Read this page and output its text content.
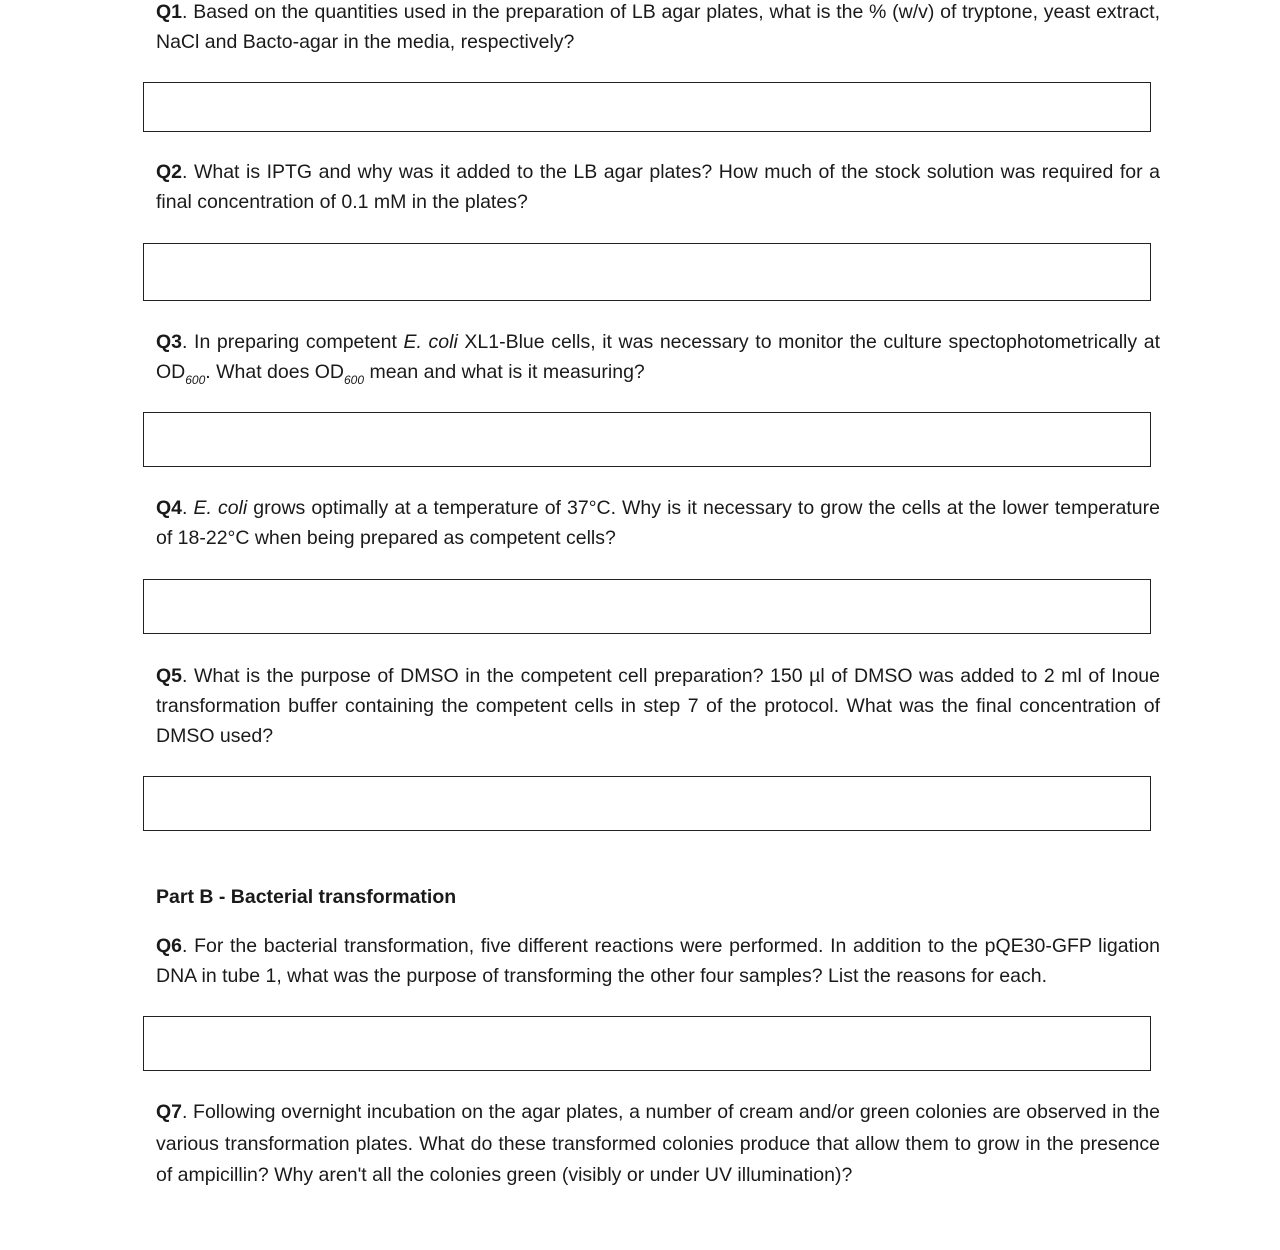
Q1. Based on the quantities used in the preparation of LB agar plates, what is the % (w/v) of tryptone, yeast extract, NaCl and Bacto-agar in the media, respectively?

Q2. What is IPTG and why was it added to the LB agar plates? How much of the stock solution was required for a final concentration of 0.1 mM in the plates?

Q3. In preparing competent E. coli XL1-Blue cells, it was necessary to monitor the culture spectophotometrically at $OD_{600}$. What does $OD_{600}$ mean and what is it measuring?

Q4. E. coli grows optimally at a temperature of 37°C. Why is it necessary to grow the cells at the lower temperature of 18-22°C when being prepared as competent cells?

Q5. What is the purpose of DMSO in the competent cell preparation? 150 µl of DMSO was added to 2 ml of Inoue transformation buffer containing the competent cells in step 7 of the protocol. What was the final concentration of DMSO used?

Part B - Bacterial transformation

Q6. For the bacterial transformation, five different reactions were performed. In addition to the pQE30-GFP ligation DNA in tube 1, what was the purpose of transforming the other four samples? List the reasons for each.

Q7. Following overnight incubation on the agar plates, a number of cream and/or green colonies are observed in the various transformation plates. What do these transformed colonies produce that allow them to grow in the presence of ampicillin? Why aren't all the colonies green (visibly or under UV illumination)?
